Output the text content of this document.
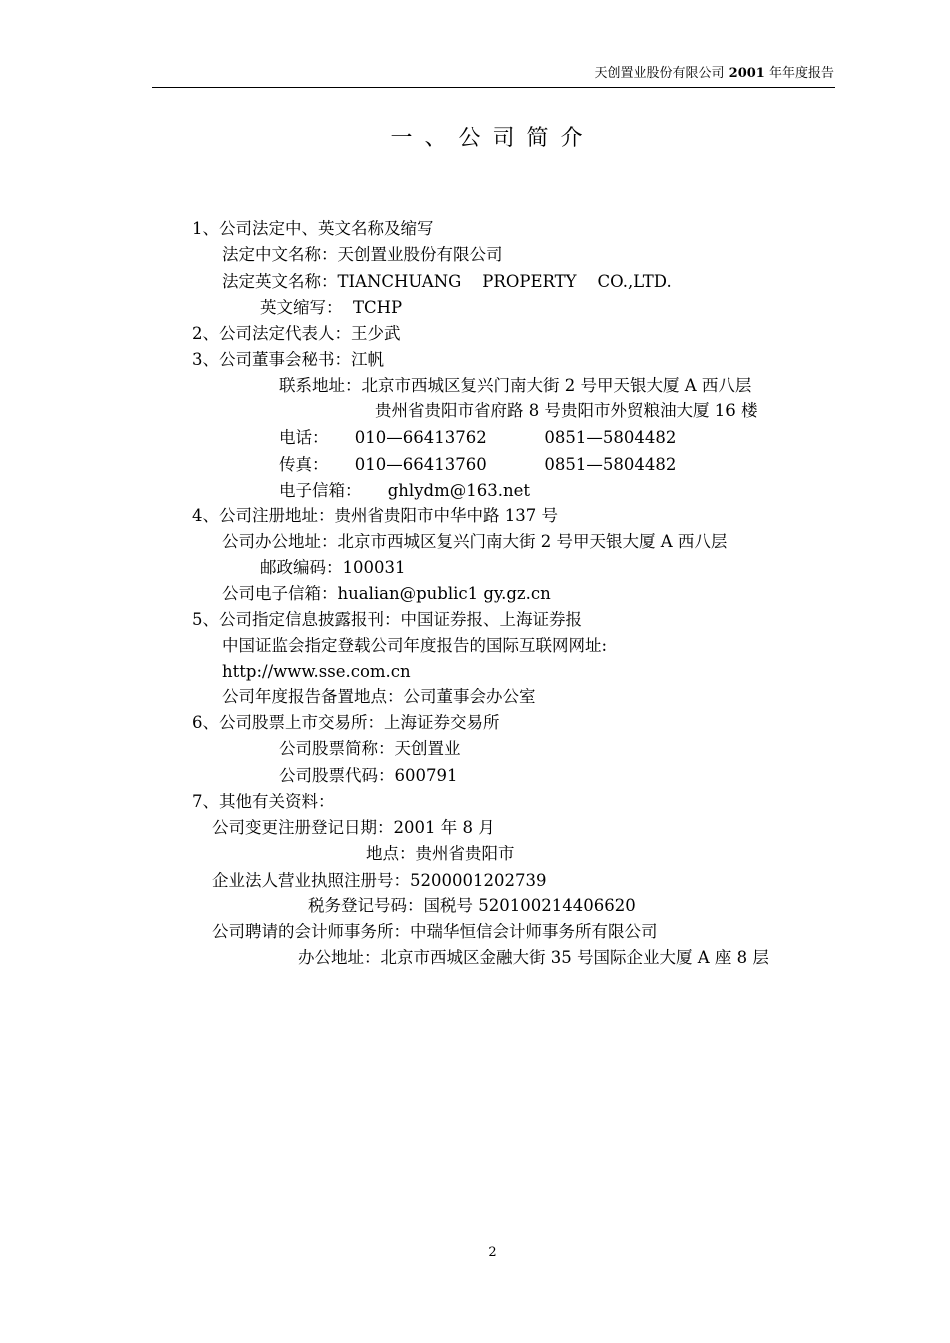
天创置业股份有限公司 2001 年年度报告
一、公司简介
1、公司法定中、英文名称及缩写
法定中文名称：天创置业股份有限公司
法定英文名称：TIANCHUANG    PROPERTY    CO.,LTD.
英文缩写：  TCHP
2、公司法定代表人：王少武
3、公司董事会秘书：江帆
联系地址：北京市西城区复兴门南大街 2 号甲天银大厦 A 西八层
贵州省贵阳市省府路 8 号贵阳市外贸粮油大厦 16 楼
电话：     010—66413762           0851—5804482
传真：     010—66413760           0851—5804482
电子信箱：     ghlydm@163.net
4、公司注册地址：贵州省贵阳市中华中路 137 号
公司办公地址：北京市西城区复兴门南大街 2 号甲天银大厦 A 西八层
邮政编码：100031
公司电子信箱：hualian@public1 gy.gz.cn
5、公司指定信息披露报刊：中国证券报、上海证券报
中国证监会指定登载公司年度报告的国际互联网网址:
http://www.sse.com.cn
公司年度报告备置地点：公司董事会办公室
6、公司股票上市交易所：上海证券交易所
公司股票简称：天创置业
公司股票代码：600791
7、其他有关资料：
公司变更注册登记日期：2001 年 8 月
地点：贵州省贵阳市
企业法人营业执照注册号：5200001202739
税务登记号码：国税号 520100214406620
公司聘请的会计师事务所：中瑞华恒信会计师事务所有限公司
办公地址：北京市西城区金融大街 35 号国际企业大厦 A 座 8 层
2
